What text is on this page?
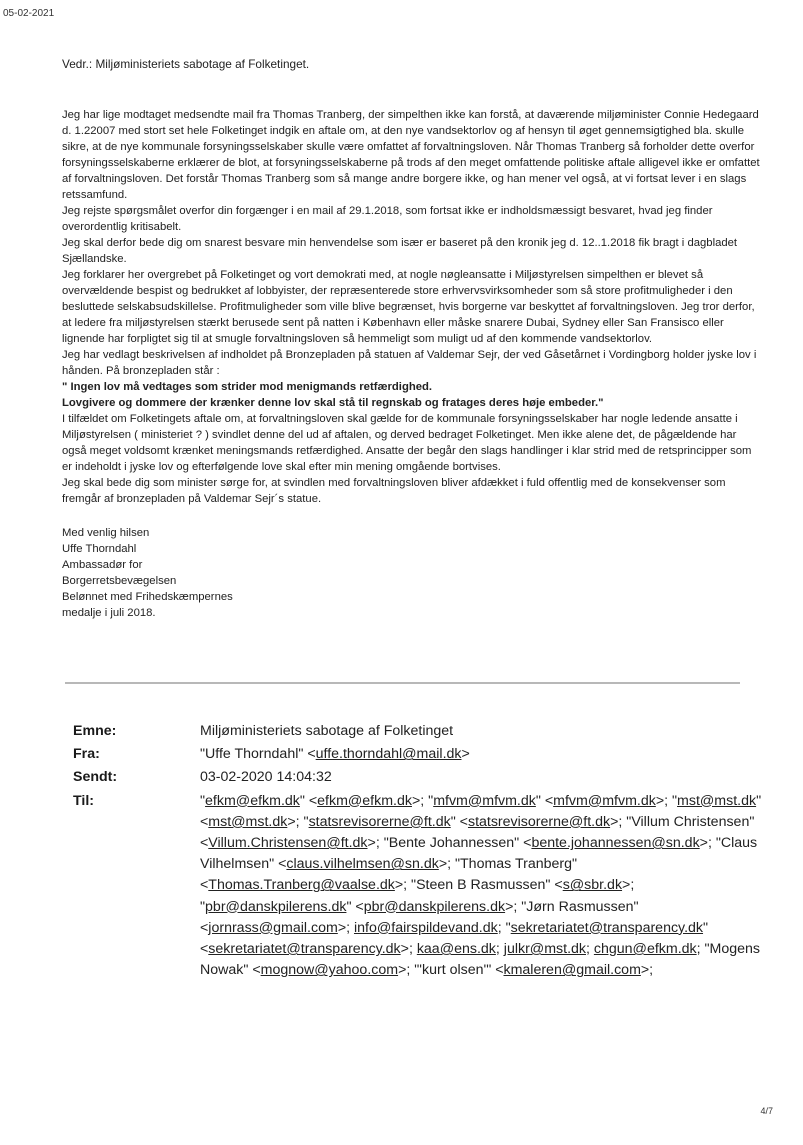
05-02-2021

Vedr.: Miljøministeriets sabotage af Folketinget.

Jeg har lige modtaget medsendte mail fra Thomas Tranberg, der simpelthen ikke kan forstå, at daværende miljøminister Connie Hedegaard d. 1.22007 med stort set hele Folketinget indgik en aftale om, at den nye vandsektorlov og af hensyn til øget gennemsigtighed bla. skulle sikre, at de nye kommunale forsyningsselskaber skulle være omfattet af forvaltningsloven. Når Thomas Tranberg så forholder dette overfor forsyningsselskaberne erklærer de blot, at forsyningsselskaberne på trods af den meget omfattende politiske aftale alligevel ikke er omfattet af forvaltningsloven. Det forstår Thomas Tranberg som så mange andre borgere ikke, og han mener vel også, at vi fortsat lever i en slags retssamfund.

Jeg rejste spørgsmålet overfor din forgænger i en mail af 29.1.2018, som fortsat ikke er indholdsmæssigt besvaret, hvad jeg finder overordentlig kritisabelt.

Jeg skal derfor bede dig om snarest besvare min henvendelse som især er baseret på den kronik jeg d. 12..1.2018 fik bragt i dagbladet Sjællandske.

Jeg forklarer her overgrebet på Folketinget og vort demokrati med, at nogle nøgleansatte i Miljøstyrelsen simpelthen er blevet så overvældende bespist og bedrukket af lobbyister, der repræsenterede store erhvervsvirksomheder som så store profitmuligheder i den besluttede selskabsudskillelse. Profitmuligheder som ville blive begrænset, hvis borgerne var beskyttet af forvaltningsloven. Jeg tror derfor, at ledere fra miljøstyrelsen stærkt berusede sent på natten i København eller måske snarere Dubai, Sydney eller San Fransisco eller lignende har forpligtet sig til at smugle forvaltningsloven så hemmeligt som muligt ud af den kommende vandsektorlov.

Jeg har vedlagt beskrivelsen af indholdet på Bronzepladen på statuen af Valdemar Sejr, der ved Gåsetårnet i Vordingborg holder jyske lov i hånden. På bronzepladen står :

" Ingen lov må vedtages som strider mod menigmands retfærdighed.

Lovgivere og dommere der krænker denne lov skal stå til regnskab og fratages deres høje embeder."

I tilfældet om Folketingets aftale om, at forvaltningsloven skal gælde for de kommunale forsyningsselskaber har nogle ledende ansatte i Miljøstyrelsen ( ministeriet ? ) svindlet denne del ud af aftalen, og derved bedraget Folketinget. Men ikke alene det, de pågældende har også meget voldsomt krænket meningsmands retfærdighed. Ansatte der begår den slags handlinger i klar strid med de retsprincipper som er indeholdt i jyske lov og efterfølgende love skal efter min mening omgående bortvises.

Jeg skal bede dig som minister sørge for, at svindlen med forvaltningsloven bliver afdækket i fuld offentlig med de konsekvenser som fremgår af bronzepladen på Valdemar Sejr´s statue.

Med venlig hilsen
Uffe Thorndahl
Ambassadør for
Borgerretsbevægelsen
Belønnet med Frihedskæmpernes
medalje i juli 2018.
Emne:	Miljøministeriets sabotage af Folketinget
Fra:	"Uffe Thorndahl" <uffe.thorndahl@mail.dk>
Sendt:	03-02-2020 14:04:32
Til:	"efkm@efkm.dk" <efkm@efkm.dk>; "mfvm@mfvm.dk" <mfvm@mfvm.dk>; "mst@mst.dk" <mst@mst.dk>; "statsrevisorerne@ft.dk" <statsrevisorerne@ft.dk>; "Villum Christensen" <Villum.Christensen@ft.dk>; "Bente Johannessen" <bente.johannessen@sn.dk>; "Claus Vilhelmsen" <claus.vilhelmsen@sn.dk>; "Thomas Tranberg" <Thomas.Tranberg@vaalse.dk>; "Steen B Rasmussen" <s@sbr.dk>; "pbr@danskpilerens.dk" <pbr@danskpilerens.dk>; "Jørn Rasmussen" <jornrass@gmail.com>; info@fairspildevand.dk; "sekretariatet@transparency.dk" <sekretariatet@transparency.dk>; kaa@ens.dk; julkr@mst.dk; chgun@efkm.dk; "Mogens Nowak" <mognow@yahoo.com>; "'kurt olsen'" <kmaleren@gmail.com>;
4/7
